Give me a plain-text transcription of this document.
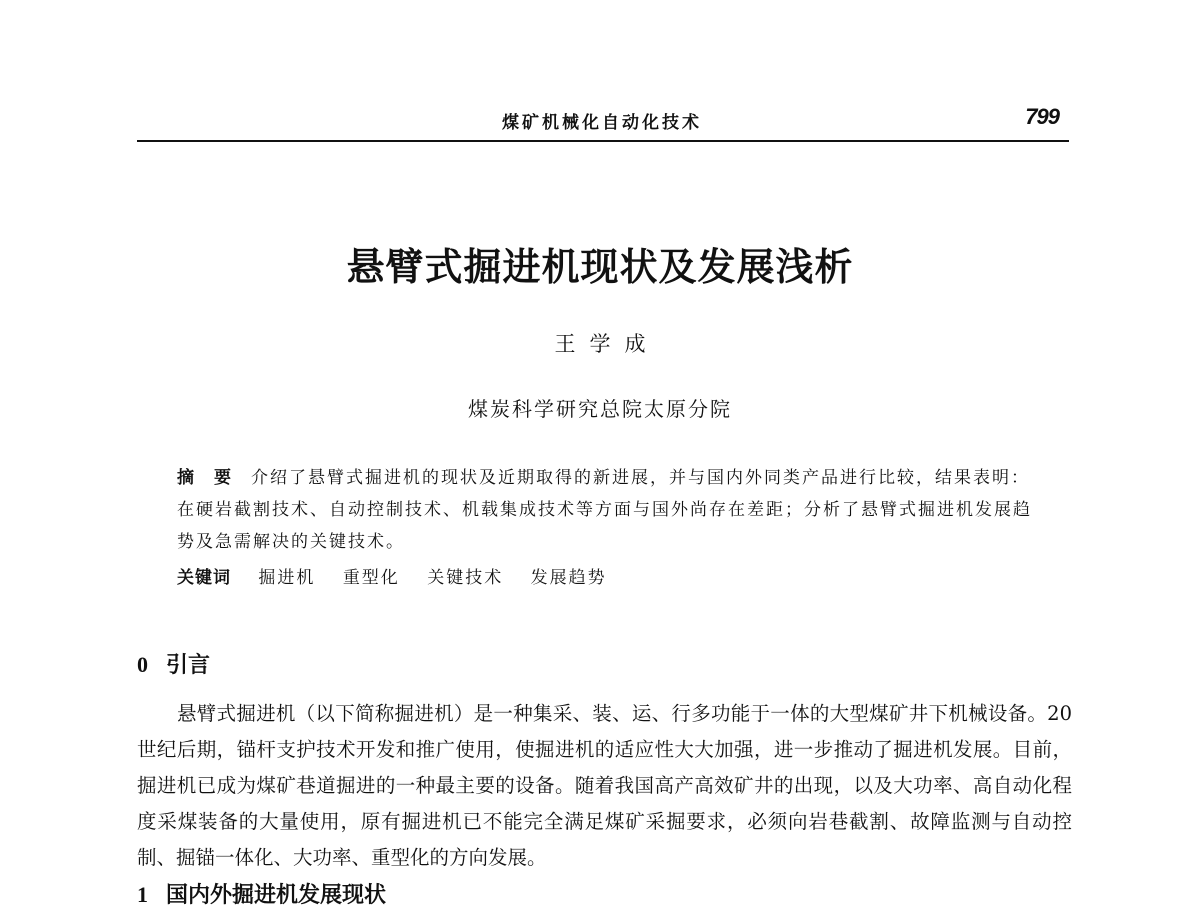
煤矿机械化自动化技术	799
悬臂式掘进机现状及发展浅析
王学成
煤炭科学研究总院太原分院

摘要介绍了悬臂式掘进机的现状及近期取得的新进展，并与国内外同类产品进行比较，结果表明：在硬岩截割技术、自动控制技术、机载集成技术等方面与国外尚存在差距；分析了悬臂式掘进机发展趋势及急需解决的关键技术。

关键词 掘进机 重型化 关键技术 发展趋势
0 引言

悬臂式掘进机（以下简称掘进机）是一种集采、装、运、行多功能于一体的大型煤矿井下机械设备。20世纪后期，锚杆支护技术开发和推广使用，使掘进机的适应性大大加强，进一步推动了掘进机发展。目前，掘进机已成为煤矿巷道掘进的一种最主要的设备。随着我国高产高效矿井的出现，以及大功率、高自动化程度采煤装备的大量使用，原有掘进机已不能完全满足煤矿采掘要求，必须向岩巷截割、故障监测与自动控制、掘锚一体化、大功率、重型化的方向发展。

1 国内外掘进机发展现状
